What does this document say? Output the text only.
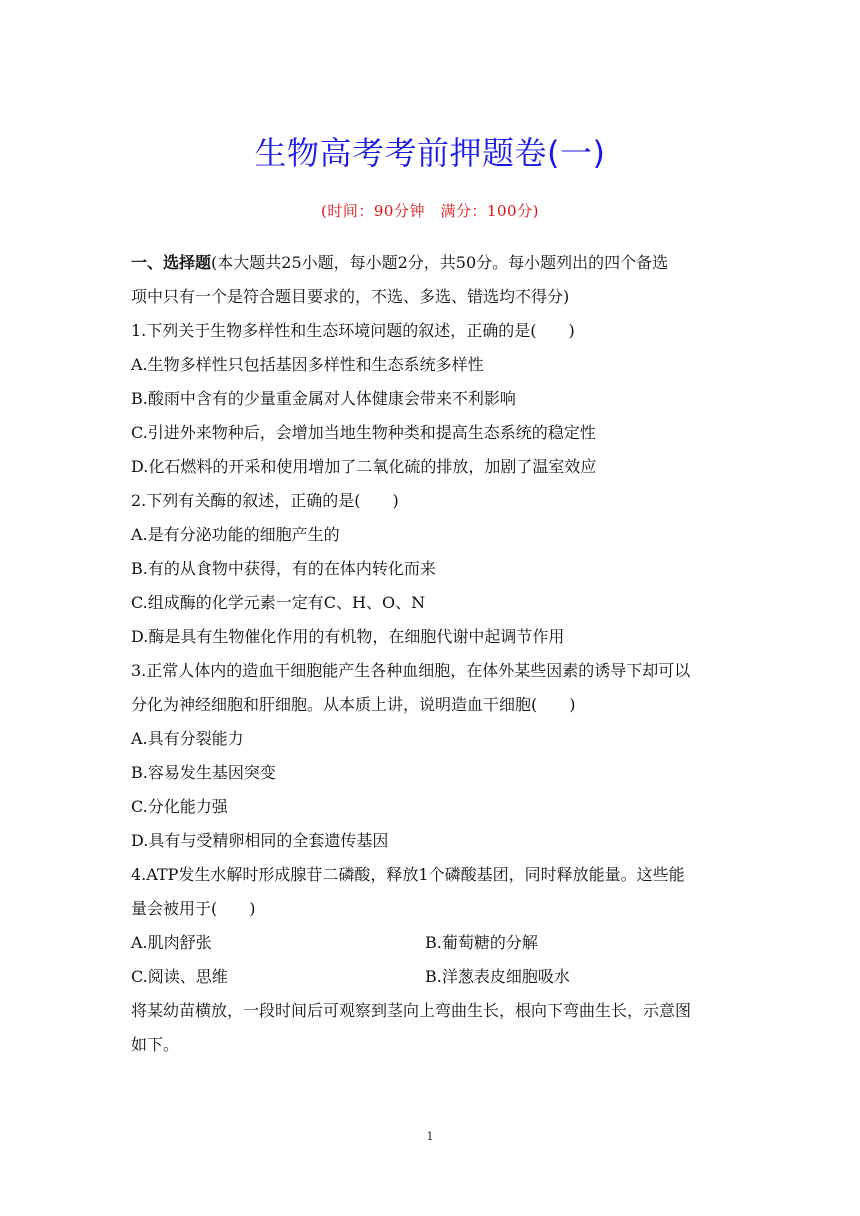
生物高考考前押题卷(一)
(时间：90分钟　满分：100分)
一、选择题(本大题共25小题，每小题2分，共50分。每小题列出的四个备选
项中只有一个是符合题目要求的，不选、多选、错选均不得分)
1.下列关于生物多样性和生态环境问题的叙述，正确的是(　　)
A.生物多样性只包括基因多样性和生态系统多样性
B.酸雨中含有的少量重金属对人体健康会带来不利影响
C.引进外来物种后，会增加当地生物种类和提高生态系统的稳定性
D.化石燃料的开采和使用增加了二氧化硫的排放，加剧了温室效应
2.下列有关酶的叙述，正确的是(　　)
A.是有分泌功能的细胞产生的
B.有的从食物中获得，有的在体内转化而来
C.组成酶的化学元素一定有C、H、O、N
D.酶是具有生物催化作用的有机物，在细胞代谢中起调节作用
3.正常人体内的造血干细胞能产生各种血细胞，在体外某些因素的诱导下却可以
分化为神经细胞和肝细胞。从本质上讲，说明造血干细胞(　　)
A.具有分裂能力
B.容易发生基因突变
C.分化能力强
D.具有与受精卵相同的全套遗传基因
4.ATP发生水解时形成腺苷二磷酸，释放1个磷酸基团，同时释放能量。这些能
量会被用于(　　)
A.肌肉舒张	B.葡萄糖的分解
C.阅读、思维	B.洋葱表皮细胞吸水
将某幼苗横放，一段时间后可观察到茎向上弯曲生长，根向下弯曲生长，示意图
如下。
1
